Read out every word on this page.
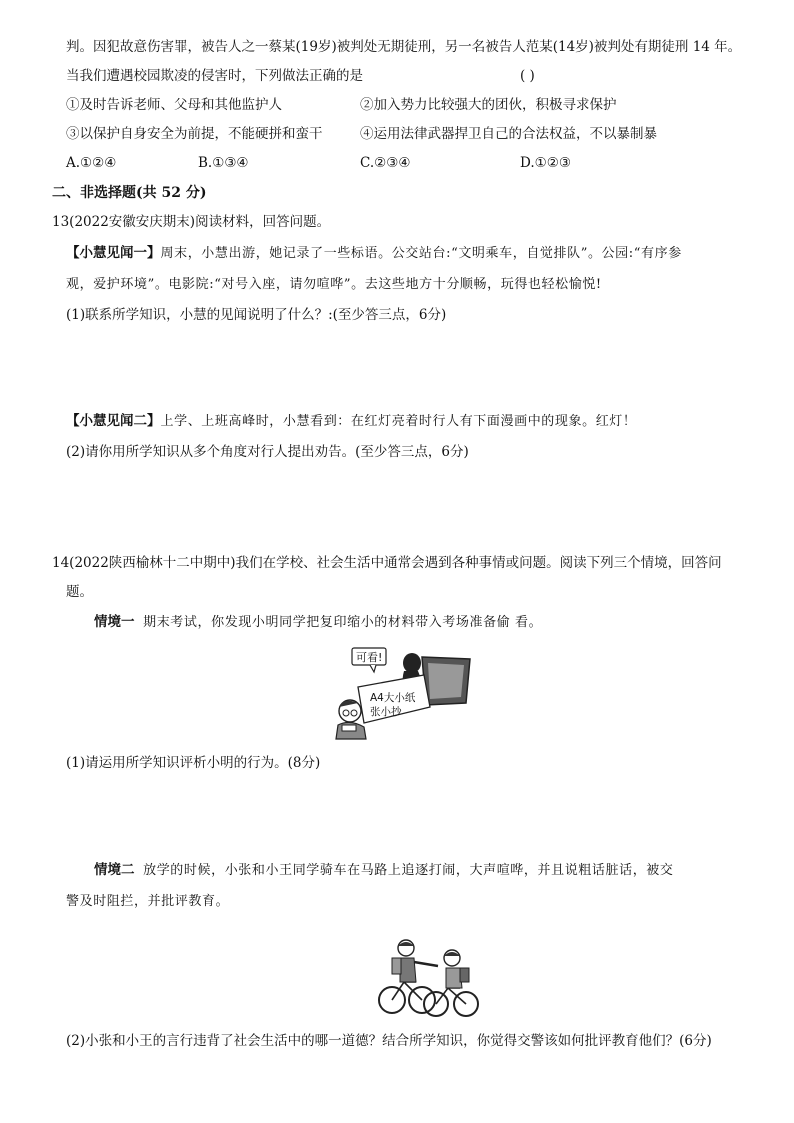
判。因犯故意伤害罪，被告人之一蔡某(19岁)被判处无期徒刑，另一名被告人范某(14岁)被判处有期徒刑 14 年。
当我们遭遇校园欺凌的侵害时，下列做法正确的是	( )
①及时告诉老师、父母和其他监护人	②加入势力比较强大的团伙，积极寻求保护
③以保护自身安全为前提，不能硬拼和蛮干	④运用法律武器捍卫自己的合法权益，不以暴制暴
A.①②④	B.①③④	C.②③④	D.①②③
二、非选择题(共 52 分)
13(2022安徽安庆期末)阅读材料，回答问题。
【小慧见闻一】周末，小慧出游，她记录了一些标语。公交站台:“文明乘车，自觉排队”。公园:“有序参
观，爱护环境”。电影院:“对号入座，请勿喧哗”。去这些地方十分顺畅，玩得也轻松愉悦!
(1)联系所学知识，小慧的见闻说明了什么？:(至少答三点，6分)
【小慧见闻二】上学、上班高峰时，小慧看到：在红灯亮着时行人有下面漫画中的现象。红灯！
(2)请你用所学知识从多个角度对行人提出劝告。(至少答三点，6分)
14(2022陕西榆林十二中期中)我们在学校、社会生活中通常会遇到各种事情或问题。阅读下列三个情境，回答问
题。
情境一 期末考试，你发现小明同学把复印缩小的材料带入考场准备偷 看。
可看!
A4大小纸
张小抄
(1)请运用所学知识评析小明的行为。(8分)
情境二 放学的时候，小张和小王同学骑车在马路上追逐打闹，大声喧哗，并且说粗话脏话，被交
警及时阻拦，并批评教育。
(2)小张和小王的言行违背了社会生活中的哪一道德？结合所学知识，你觉得交警该如何批评教育他们？(6分)
